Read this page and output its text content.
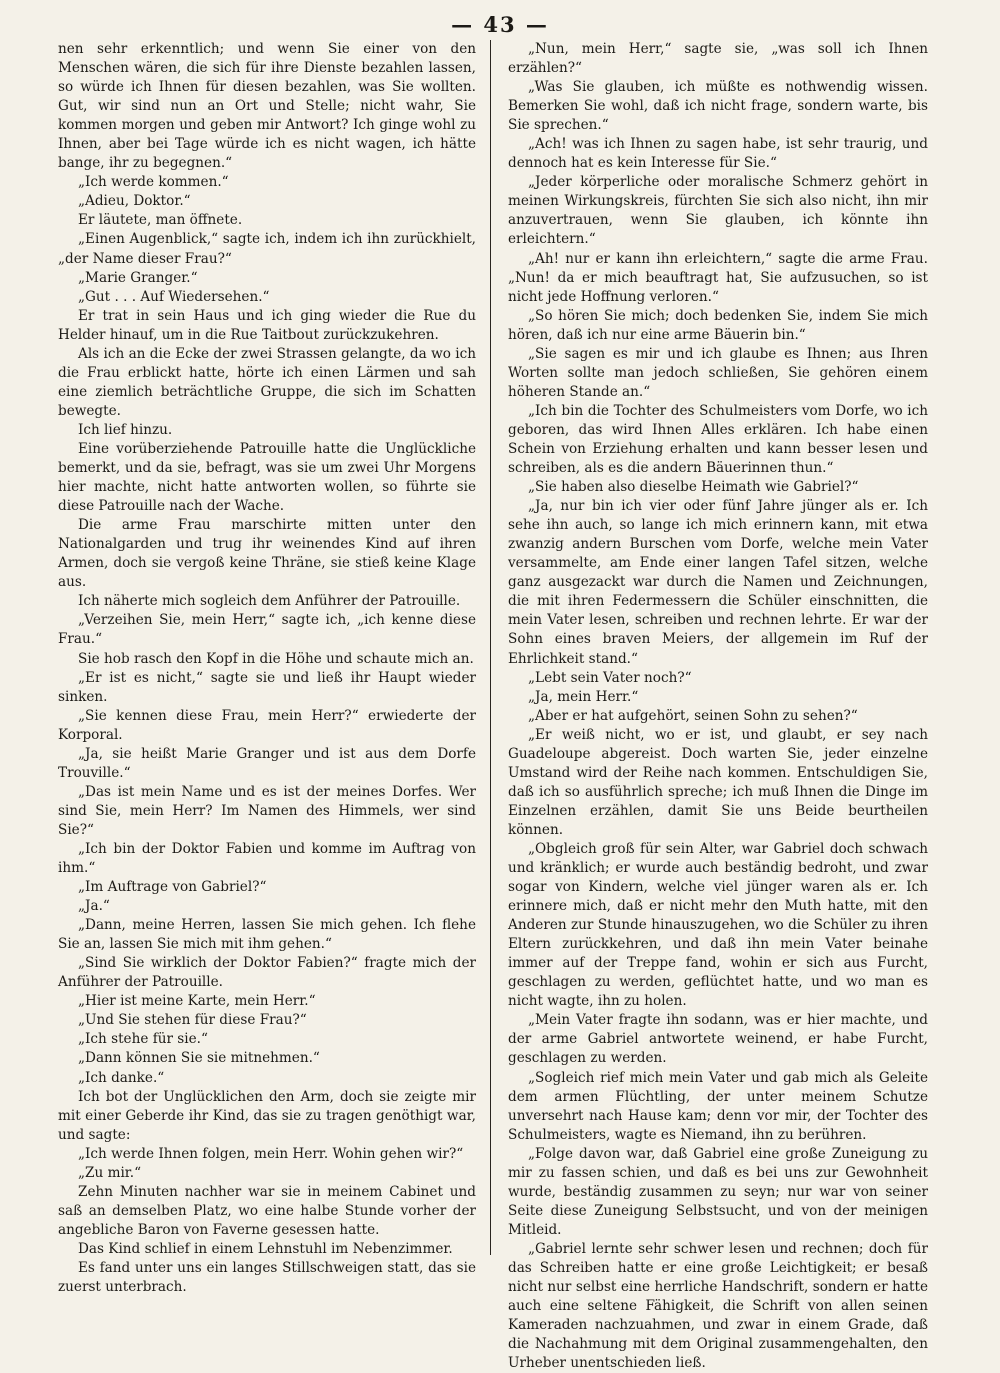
— 43 —

nen sehr erkenntlich; und wenn Sie einer von den Menschen wären, die sich für ihre Dienste bezahlen lassen, so würde ich Ihnen für diesen bezahlen, was Sie wollten. Gut, wir sind nun an Ort und Stelle; nicht wahr, Sie kommen morgen und geben mir Antwort? Ich ginge wohl zu Ihnen, aber bei Tage würde ich es nicht wagen, ich hätte bange, ihr zu begegnen.“

„Ich werde kommen.“

„Adieu, Doktor.“

Er läutete, man öffnete.

„Einen Augenblick,“ sagte ich, indem ich ihn zurückhielt, „der Name dieser Frau?“

„Marie Granger.“

„Gut . . . Auf Wiedersehen.“

Er trat in sein Haus und ich ging wieder die Rue du Helder hinauf, um in die Rue Taitbout zurückzukehren.

Als ich an die Ecke der zwei Strassen gelangte, da wo ich die Frau erblickt hatte, hörte ich einen Lärmen und sah eine ziemlich beträchtliche Gruppe, die sich im Schatten bewegte.

Ich lief hinzu.

Eine vorüberziehende Patrouille hatte die Unglückliche bemerkt, und da sie, befragt, was sie um zwei Uhr Morgens hier machte, nicht hatte antworten wollen, so führte sie diese Patrouille nach der Wache.

Die arme Frau marschirte mitten unter den Nationalgarden und trug ihr weinendes Kind auf ihren Armen, doch sie vergoß keine Thräne, sie stieß keine Klage aus.

Ich näherte mich sogleich dem Anführer der Patrouille.

„Verzeihen Sie, mein Herr,“ sagte ich, „ich kenne diese Frau.“

Sie hob rasch den Kopf in die Höhe und schaute mich an.

„Er ist es nicht,“ sagte sie und ließ ihr Haupt wieder sinken.

„Sie kennen diese Frau, mein Herr?“ erwiederte der Korporal.

„Ja, sie heißt Marie Granger und ist aus dem Dorfe Trouville.“

„Das ist mein Name und es ist der meines Dorfes. Wer sind Sie, mein Herr? Im Namen des Himmels, wer sind Sie?“

„Ich bin der Doktor Fabien und komme im Auftrag von ihm.“

„Im Auftrage von Gabriel?“

„Ja.“

„Dann, meine Herren, lassen Sie mich gehen. Ich flehe Sie an, lassen Sie mich mit ihm gehen.“

„Sind Sie wirklich der Doktor Fabien?“ fragte mich der Anführer der Patrouille.

„Hier ist meine Karte, mein Herr.“

„Und Sie stehen für diese Frau?“

„Ich stehe für sie.“

„Dann können Sie sie mitnehmen.“

„Ich danke.“

Ich bot der Unglücklichen den Arm, doch sie zeigte mir mit einer Geberde ihr Kind, das sie zu tragen genöthigt war, und sagte:

„Ich werde Ihnen folgen, mein Herr. Wohin gehen wir?“

„Zu mir.“

Zehn Minuten nachher war sie in meinem Cabinet und saß an demselben Platz, wo eine halbe Stunde vorher der angebliche Baron von Faverne gesessen hatte.

Das Kind schlief in einem Lehnstuhl im Nebenzimmer.

Es fand unter uns ein langes Stillschweigen statt, das sie zuerst unterbrach.

„Nun, mein Herr,“ sagte sie, „was soll ich Ihnen erzählen?“

„Was Sie glauben, ich müßte es nothwendig wissen. Bemerken Sie wohl, daß ich nicht frage, sondern warte, bis Sie sprechen.“

„Ach! was ich Ihnen zu sagen habe, ist sehr traurig, und dennoch hat es kein Interesse für Sie.“

„Jeder körperliche oder moralische Schmerz gehört in meinen Wirkungskreis, fürchten Sie sich also nicht, ihn mir anzuvertrauen, wenn Sie glauben, ich könnte ihn erleichtern.“

„Ah! nur er kann ihn erleichtern,“ sagte die arme Frau. „Nun! da er mich beauftragt hat, Sie aufzusuchen, so ist nicht jede Hoffnung verloren.“

„So hören Sie mich; doch bedenken Sie, indem Sie mich hören, daß ich nur eine arme Bäuerin bin.“

„Sie sagen es mir und ich glaube es Ihnen; aus Ihren Worten sollte man jedoch schließen, Sie gehören einem höheren Stande an.“

„Ich bin die Tochter des Schulmeisters vom Dorfe, wo ich geboren, das wird Ihnen Alles erklären. Ich habe einen Schein von Erziehung erhalten und kann besser lesen und schreiben, als es die andern Bäuerinnen thun.“

„Sie haben also dieselbe Heimath wie Gabriel?“

„Ja, nur bin ich vier oder fünf Jahre jünger als er. Ich sehe ihn auch, so lange ich mich erinnern kann, mit etwa zwanzig andern Burschen vom Dorfe, welche mein Vater versammelte, am Ende einer langen Tafel sitzen, welche ganz ausgezackt war durch die Namen und Zeichnungen, die mit ihren Federmessern die Schüler einschnitten, die mein Vater lesen, schreiben und rechnen lehrte. Er war der Sohn eines braven Meiers, der allgemein im Ruf der Ehrlichkeit stand.“

„Lebt sein Vater noch?“

„Ja, mein Herr.“

„Aber er hat aufgehört, seinen Sohn zu sehen?“

„Er weiß nicht, wo er ist, und glaubt, er sey nach Guadeloupe abgereist. Doch warten Sie, jeder einzelne Umstand wird der Reihe nach kommen. Entschuldigen Sie, daß ich so ausführlich spreche; ich muß Ihnen die Dinge im Einzelnen erzählen, damit Sie uns Beide beurtheilen können.

„Obgleich groß für sein Alter, war Gabriel doch schwach und kränklich; er wurde auch beständig bedroht, und zwar sogar von Kindern, welche viel jünger waren als er. Ich erinnere mich, daß er nicht mehr den Muth hatte, mit den Anderen zur Stunde hinauszugehen, wo die Schüler zu ihren Eltern zurückkehren, und daß ihn mein Vater beinahe immer auf der Treppe fand, wohin er sich aus Furcht, geschlagen zu werden, geflüchtet hatte, und wo man es nicht wagte, ihn zu holen.

„Mein Vater fragte ihn sodann, was er hier machte, und der arme Gabriel antwortete weinend, er habe Furcht, geschlagen zu werden.

„Sogleich rief mich mein Vater und gab mich als Geleite dem armen Flüchtling, der unter meinem Schutze unversehrt nach Hause kam; denn vor mir, der Tochter des Schulmeisters, wagte es Niemand, ihn zu berühren.

„Folge davon war, daß Gabriel eine große Zuneigung zu mir zu fassen schien, und daß es bei uns zur Gewohnheit wurde, beständig zusammen zu seyn; nur war von seiner Seite diese Zuneigung Selbstsucht, und von der meinigen Mitleid.

„Gabriel lernte sehr schwer lesen und rechnen; doch für das Schreiben hatte er eine große Leichtigkeit; er besaß nicht nur selbst eine herrliche Handschrift, sondern er hatte auch eine seltene Fähigkeit, die Schrift von allen seinen Kameraden nachzuahmen, und zwar in einem Grade, daß die Nachahmung mit dem Original zusammengehalten, den Urheber unentschieden ließ.
